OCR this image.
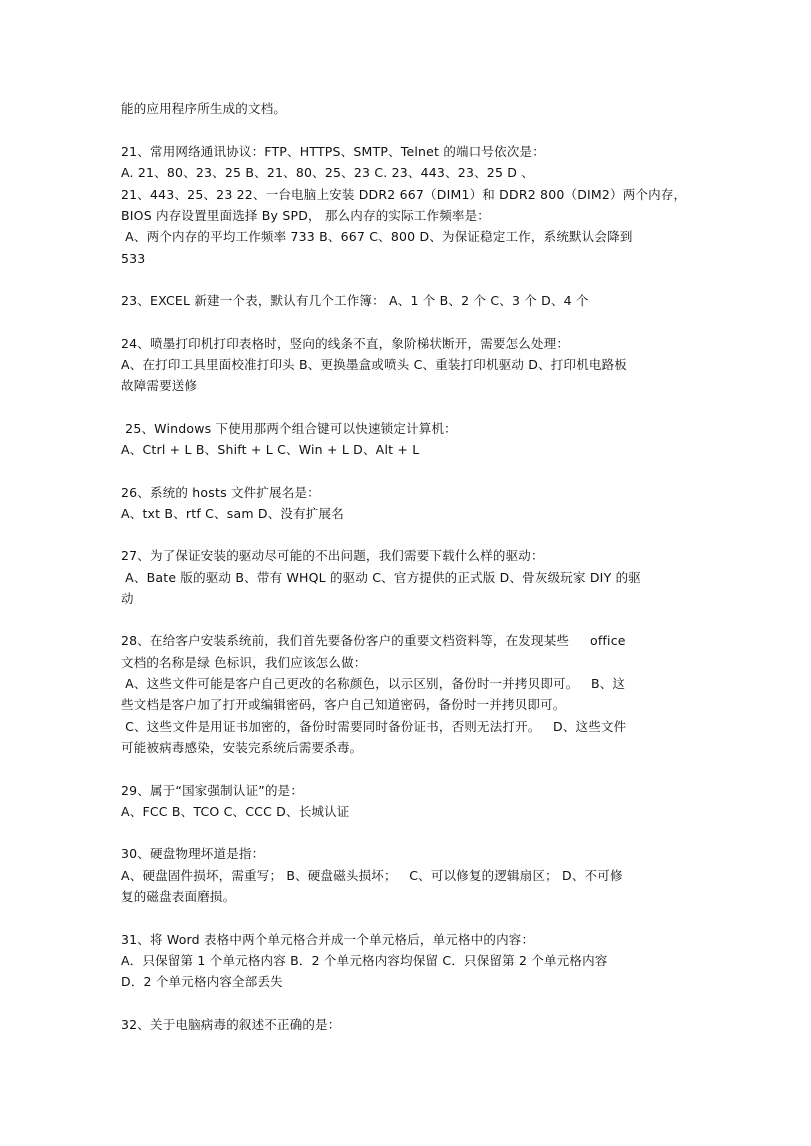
能的应用程序所生成的文档。
21、常用网络通讯协议：FTP、HTTPS、SMTP、Telnet 的端口号依次是：
A. 21、80、23、25 B、21、80、25、23 C. 23、443、23、25 D 、
21、443、25、23 22、一台电脑上安装 DDR2 667（DIM1）和 DDR2 800（DIM2）两个内存，
BIOS 内存设置里面选择 By SPD， 那么内存的实际工作频率是：
A、两个内存的平均工作频率 733 B、667 C、800 D、为保证稳定工作，系统默认会降到
533
23、EXCEL 新建一个表，默认有几个工作簿： A、1 个 B、2 个 C、3 个 D、4 个
24、喷墨打印机打印表格时，竖向的线条不直，象阶梯状断开，需要怎么处理：
A、在打印工具里面校准打印头 B、更换墨盒或喷头 C、重装打印机驱动 D、打印机电路板
故障需要送修
25、Windows 下使用那两个组合键可以快速锁定计算机：
A、Ctrl + L B、Shift + L C、Win + L D、Alt + L
26、系统的 hosts 文件扩展名是：
A、txt B、rtf C、sam D、没有扩展名
27、为了保证安装的驱动尽可能的不出问题，我们需要下载什么样的驱动：
A、Bate 版的驱动 B、带有 WHQL 的驱动 C、官方提供的正式版 D、骨灰级玩家 DIY 的驱
动
28、在给客户安装系统前，我们首先要备份客户的重要文档资料等，在发现某些     office
文档的名称是绿 色标识，我们应该怎么做：
A、这些文件可能是客户自己更改的名称颜色，以示区别，备份时一并拷贝即可。   B、这
些文档是客户加了打开或编辑密码，客户自己知道密码，备份时一并拷贝即可。
C、这些文件是用证书加密的，备份时需要同时备份证书，否则无法打开。   D、这些文件
可能被病毒感染，安装完系统后需要杀毒。
29、属于“国家强制认证”的是：
A、FCC B、TCO C、CCC D、长城认证
30、硬盘物理坏道是指：
A、硬盘固件损坏，需重写； B、硬盘磁头损坏；   C、可以修复的逻辑扇区； D、不可修
复的磁盘表面磨损。
31、将 Word 表格中两个单元格合并成一个单元格后，单元格中的内容：
A．只保留第 1 个单元格内容 B．2 个单元格内容均保留 C．只保留第 2 个单元格内容
D．2 个单元格内容全部丢失
32、关于电脑病毒的叙述不正确的是：
